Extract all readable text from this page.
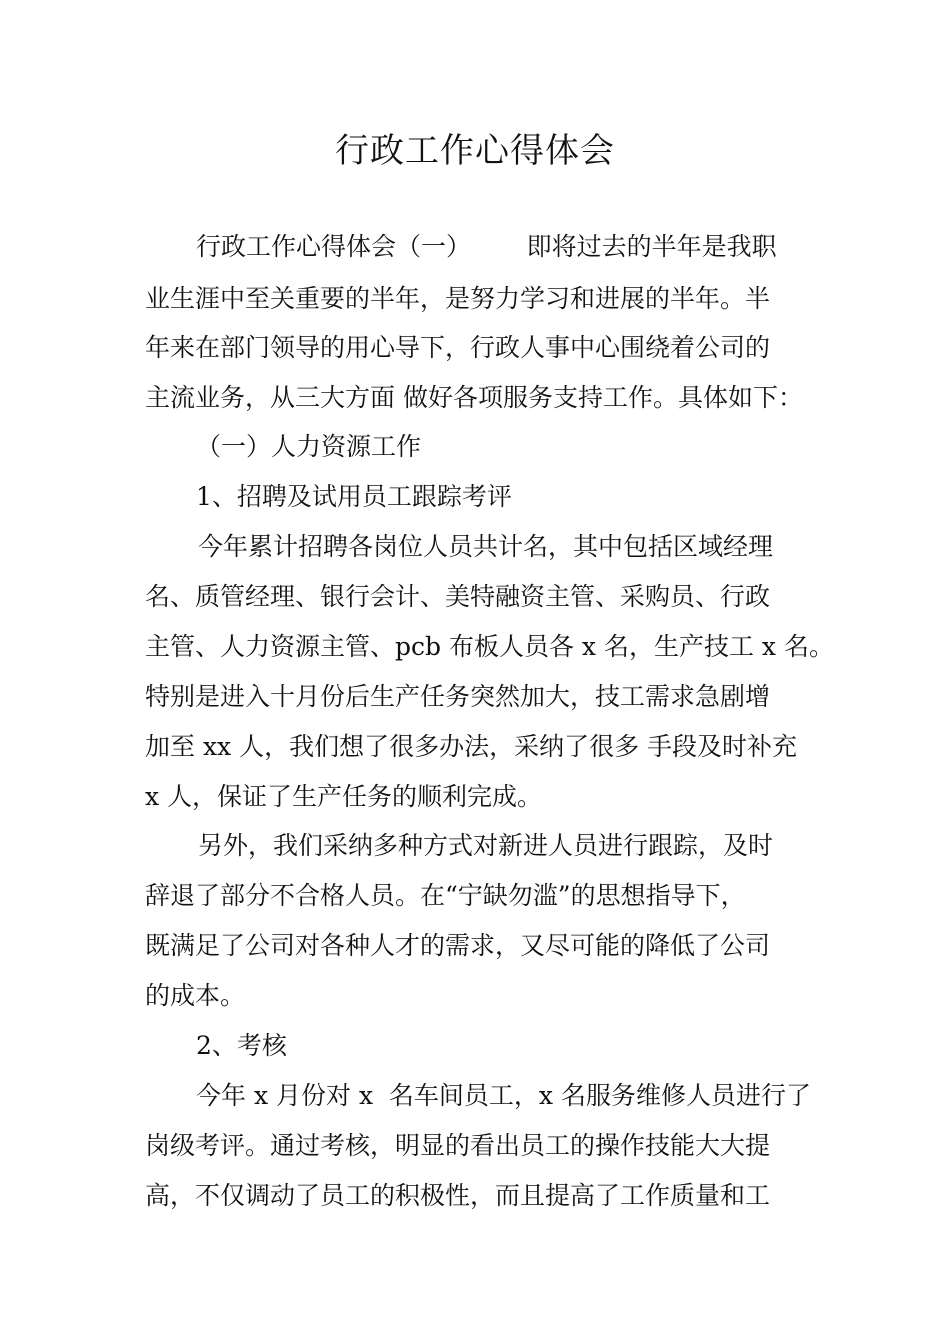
行政工作心得体会

行政工作心得体会（一）       即将过去的半年是我职

业生涯中至关重要的半年，是努力学习和进展的半年。半

年来在部门领导的用心导下，行政人事中心围绕着公司的

主流业务，从三大方面 做好各项服务支持工作。具体如下：

（一）人力资源工作

1、招聘及试用员工跟踪考评

今年累计招聘各岗位人员共计名，其中包括区域经理

名、质管经理、银行会计、美特融资主管、采购员、行政

主管、人力资源主管、pcb 布板人员各 x 名，生产技工 x 名。

特别是进入十月份后生产任务突然加大，技工需求急剧增

加至 xx 人，我们想了很多办法，采纳了很多 手段及时补充

x 人，保证了生产任务的顺利完成。

另外，我们采纳多种方式对新进人员进行跟踪，及时

辞退了部分不合格人员。在“宁缺勿滥”的思想指导下，

既满足了公司对各种人才的需求，又尽可能的降低了公司

的成本。

2、考核

今年 x 月份对 x  名车间员工，x 名服务维修人员进行了

岗级考评。通过考核，明显的看出员工的操作技能大大提

高，不仅调动了员工的积极性，而且提高了工作质量和工
